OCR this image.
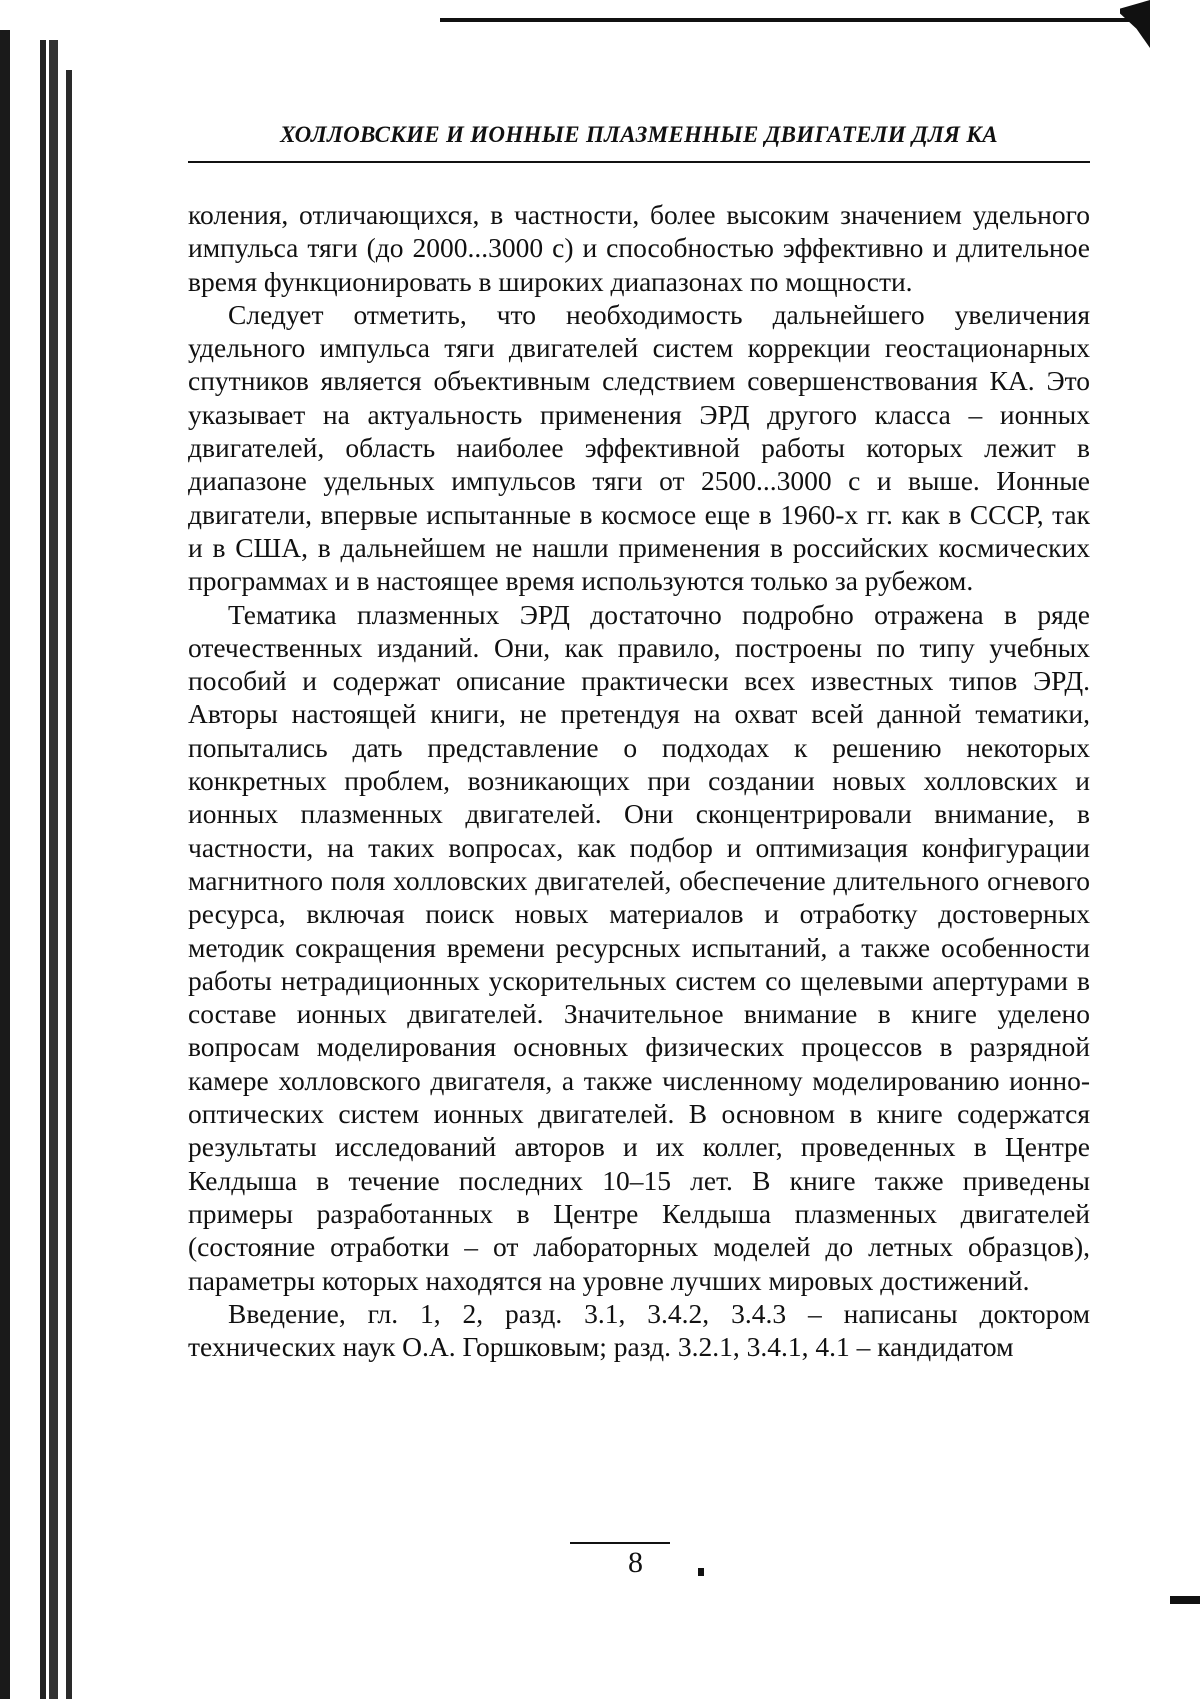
ХОЛЛОВСКИЕ И ИОННЫЕ ПЛАЗМЕННЫЕ ДВИГАТЕЛИ ДЛЯ КА

коления, отличающихся, в частности, более высоким значением удельного импульса тяги (до 2000...3000 с) и способностью эффективно и длительное время функционировать в широких диапазонах по мощности.

Следует отметить, что необходимость дальнейшего увеличения удельного импульса тяги двигателей систем коррекции геостационарных спутников является объективным следствием совершенствования КА. Это указывает на актуальность применения ЭРД другого класса – ионных двигателей, область наиболее эффективной работы которых лежит в диапазоне удельных импульсов тяги от 2500...3000 с и выше. Ионные двигатели, впервые испытанные в космосе еще в 1960-х гг. как в СССР, так и в США, в дальнейшем не нашли применения в российских космических программах и в настоящее время используются только за рубежом.

Тематика плазменных ЭРД достаточно подробно отражена в ряде отечественных изданий. Они, как правило, построены по типу учебных пособий и содержат описание практически всех известных типов ЭРД. Авторы настоящей книги, не претендуя на охват всей данной тематики, попытались дать представление о подходах к решению некоторых конкретных проблем, возникающих при создании новых холловских и ионных плазменных двигателей. Они сконцентрировали внимание, в частности, на таких вопросах, как подбор и оптимизация конфигурации магнитного поля холловских двигателей, обеспечение длительного огневого ресурса, включая поиск новых материалов и отработку достоверных методик сокращения времени ресурсных испытаний, а также особенности работы нетрадиционных ускорительных систем со щелевыми апертурами в составе ионных двигателей. Значительное внимание в книге уделено вопросам моделирования основных физических процессов в разрядной камере холловского двигателя, а также численному моделированию ионно-оптических систем ионных двигателей. В основном в книге содержатся результаты исследований авторов и их коллег, проведенных в Центре Келдыша в течение последних 10–15 лет. В книге также приведены примеры разработанных в Центре Келдыша плазменных двигателей (состояние отработки – от лабораторных моделей до летных образцов), параметры которых находятся на уровне лучших мировых достижений.

Введение, гл. 1, 2, разд. 3.1, 3.4.2, 3.4.3 – написаны доктором технических наук О.А. Горшковым; разд. 3.2.1, 3.4.1, 4.1 – кандидатом

8
